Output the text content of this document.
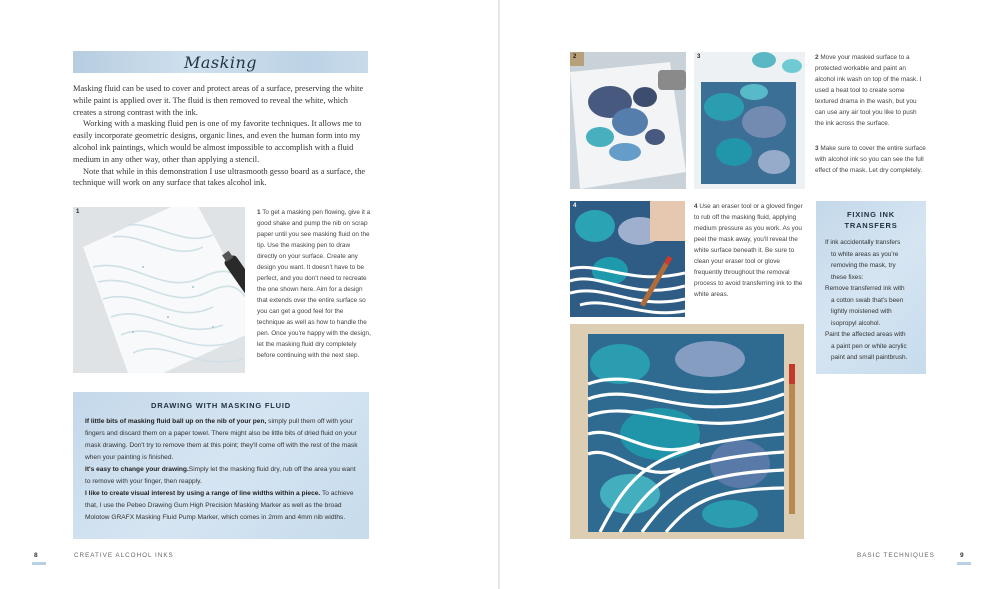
Masking

Masking fluid can be used to cover and protect areas of a surface, preserving the white while paint is applied over it. The fluid is then removed to reveal the white, which creates a strong contrast with the ink.

Working with a masking fluid pen is one of my favorite techniques. It allows me to easily incorporate geometric designs, organic lines, and even the human form into my alcohol ink paintings, which would be almost impossible to accomplish with a fluid medium in any other way, other than applying a stencil.

Note that while in this demonstration I use ultrasmooth gesso board as a surface, the technique will work on any surface that takes alcohol ink.

1	1 To get a masking pen flowing, give it a good shake and pump the nib on scrap paper until you see masking fluid on the tip. Use the masking pen to draw directly on your surface. Create any design you want. It doesn't have to be perfect, and you don't need to recreate the one shown here. Aim for a design that extends over the entire surface so you can get a good feel for the technique as well as how to handle the pen. Once you're happy with the design, let the masking fluid dry completely before continuing with the next step.
DRAWING WITH MASKING FLUID

If little bits of masking fluid ball up on the nib of your pen, simply pull them off with your fingers and discard them on a paper towel. There might also be little bits of dried fluid on your mask drawing. Don't try to remove them at this point; they'll come off with the rest of the mask when your painting is finished.

It's easy to change your drawing.Simply let the masking fluid dry, rub off the area you want to remove with your finger, then reapply.

I like to create visual interest by using a range of line widths within a piece. To achieve that, I use the Pebeo Drawing Gum High Precision Masking Marker as well as the broad Molotow GRAFX Masking Fluid Pump Marker, which comes in 2mm and 4mm nib widths.

8	CREATIVE ALCOHOL INKS
2	3	2 Move your masked surface to a protected workable and paint an alcohol ink wash on top of the mask. I used a heat tool to create some textured drama in the wash, but you can use any air tool you like to push the ink across the surface.
3 Make sure to cover the entire surface with alcohol ink so you can see the full effect of the mask. Let dry completely.
4	4 Use an eraser tool or a gloved finger to rub off the masking fluid, applying medium pressure as you work. As you peel the mask away, you'll reveal the white surface beneath it. Be sure to clean your eraser tool or glove frequently throughout the removal process to avoid transferring ink to the white areas.
FIXING INK
TRANSFERS
If ink accidentally transfers
to white areas as you're
removing the mask, try
these fixes:
Remove transferred ink with
a cotton swab that's been
lightly moistened with
isopropyl alcohol.
Paint the affected areas with
a paint pen or white acrylic
paint and small paintbrush.
BASIC TECHNIQUES	9
